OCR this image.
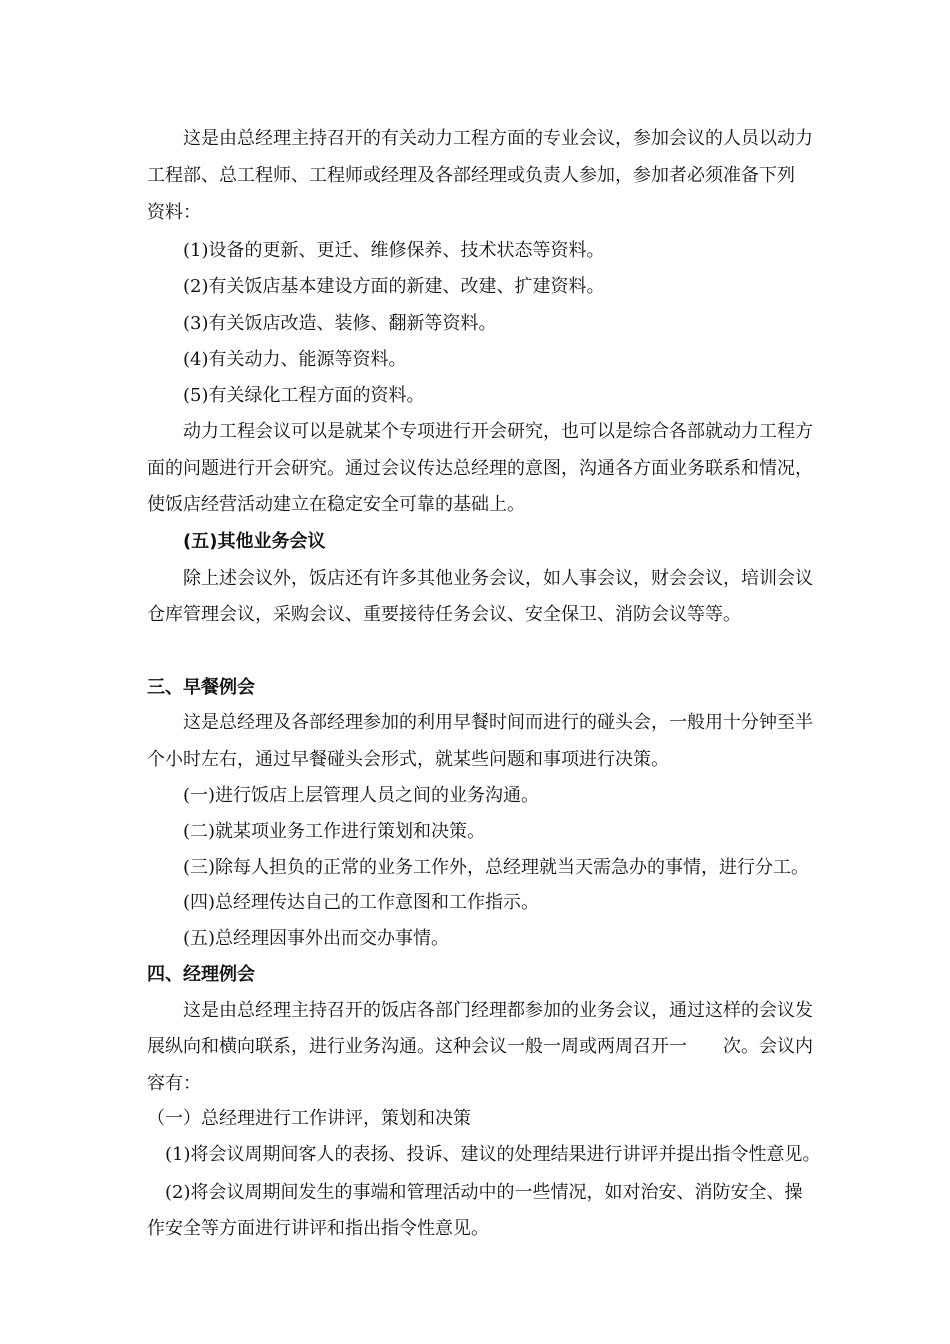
这是由总经理主持召开的有关动力工程方面的专业会议，参加会议的人员以动力

工程部、总工程师、工程师或经理及各部经理或负责人参加，参加者必须准备下列

资料：

(1)设备的更新、更迁、维修保养、技术状态等资料。

(2)有关饭店基本建设方面的新建、改建、扩建资料。

(3)有关饭店改造、装修、翻新等资料。

(4)有关动力、能源等资料。

(5)有关绿化工程方面的资料。

动力工程会议可以是就某个专项进行开会研究，也可以是综合各部就动力工程方

面的问题进行开会研究。通过会议传达总经理的意图，沟通各方面业务联系和情况，

使饭店经营活动建立在稳定安全可靠的基础上。

(五)其他业务会议

除上述会议外，饭店还有许多其他业务会议，如人事会议，财会会议，培训会议

仓库管理会议，采购会议、重要接待任务会议、安全保卫、消防会议等等。

三、早餐例会

这是总经理及各部经理参加的利用早餐时间而进行的碰头会，一般用十分钟至半

个小时左右，通过早餐碰头会形式，就某些问题和事项进行决策。

(一)进行饭店上层管理人员之间的业务沟通。

(二)就某项业务工作进行策划和决策。

(三)除每人担负的正常的业务工作外，总经理就当天需急办的事情，进行分工。

(四)总经理传达自己的工作意图和工作指示。

(五)总经理因事外出而交办事情。

四、经理例会

这是由总经理主持召开的饭店各部门经理都参加的业务会议，通过这样的会议发

展纵向和横向联系，进行业务沟通。这种会议一般一周或两周召开一　　次。会议内

容有：

（一）总经理进行工作讲评，策划和决策

(1)将会议周期间客人的表扬、投诉、建议的处理结果进行讲评并提出指令性意见。

(2)将会议周期间发生的事端和管理活动中的一些情况，如对治安、消防安全、操

作安全等方面进行讲评和指出指令性意见。
